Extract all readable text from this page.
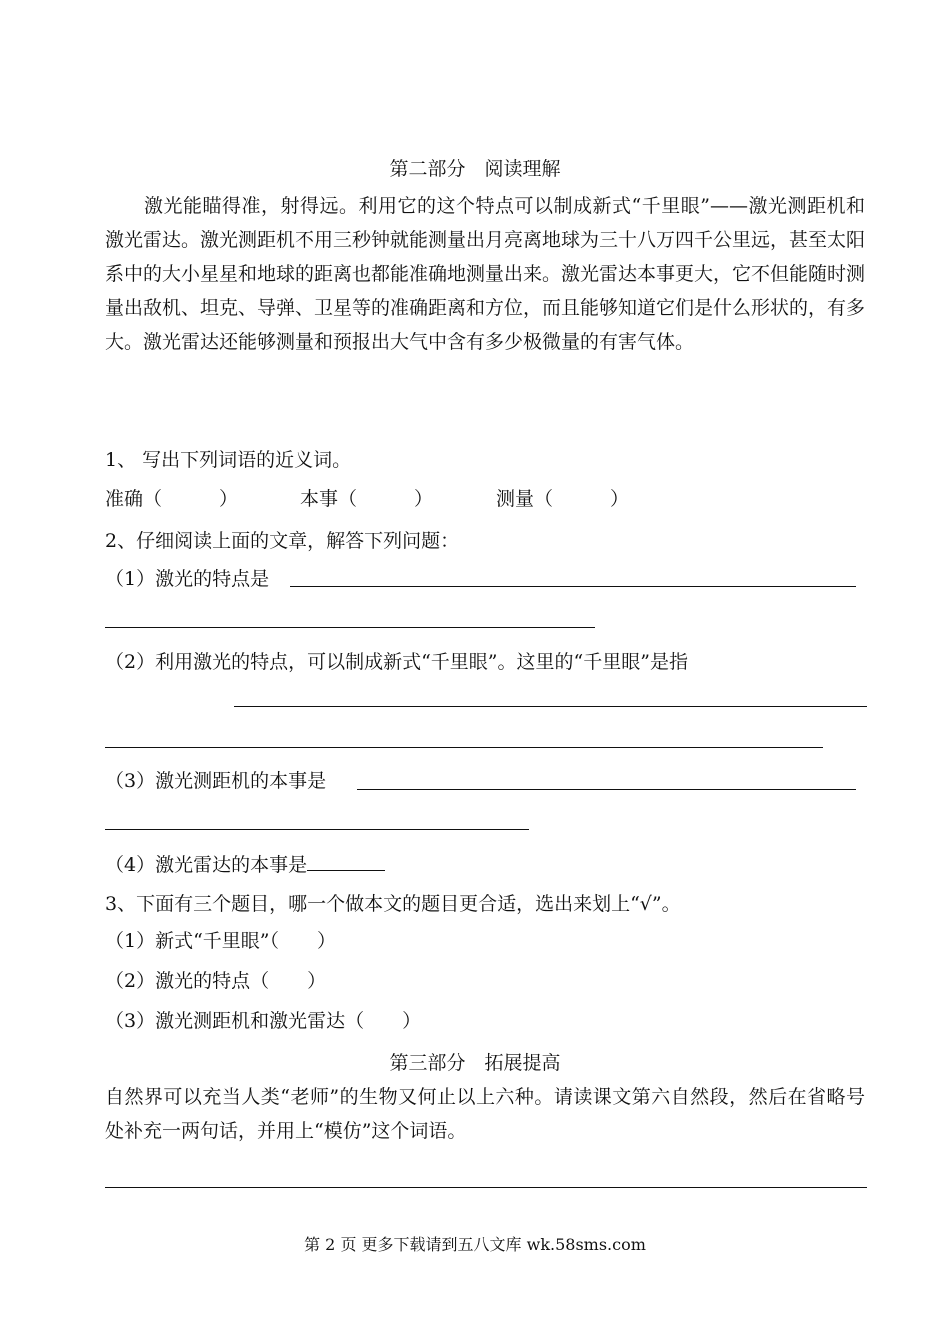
第二部分　阅读理解
　　激光能瞄得准，射得远。利用它的这个特点可以制成新式“千里眼”——激光测距机和激光雷达。激光测距机不用三秒钟就能测量出月亮离地球为三十八万四千公里远，甚至太阳系中的大小星星和地球的距离也都能准确地测量出来。激光雷达本事更大，它不但能随时测量出敌机、坦克、导弹、卫星等的准确距离和方位，而且能够知道它们是什么形状的，有多大。激光雷达还能够测量和预报出大气中含有多少极微量的有害气体。
1、 写出下列词语的近义词。
准确（　　　）	本事（　　　）	测量（　　　）
2、仔细阅读上面的文章，解答下列问题：
（1）激光的特点是
（2）利用激光的特点，可以制成新式“千里眼”。这里的“千里眼”是指
（3）激光测距机的本事是
（4）激光雷达的本事是
3、下面有三个题目，哪一个做本文的题目更合适，选出来划上“√”。
（1）新式“千里眼”（　　）
（2）激光的特点（　　）
（3）激光测距机和激光雷达（　　）
第三部分　拓展提高
自然界可以充当人类“老师”的生物又何止以上六种。请读课文第六自然段，然后在省略号处补充一两句话，并用上“模仿”这个词语。
第 2 页 更多下载请到五八文库 wk.58sms.com
